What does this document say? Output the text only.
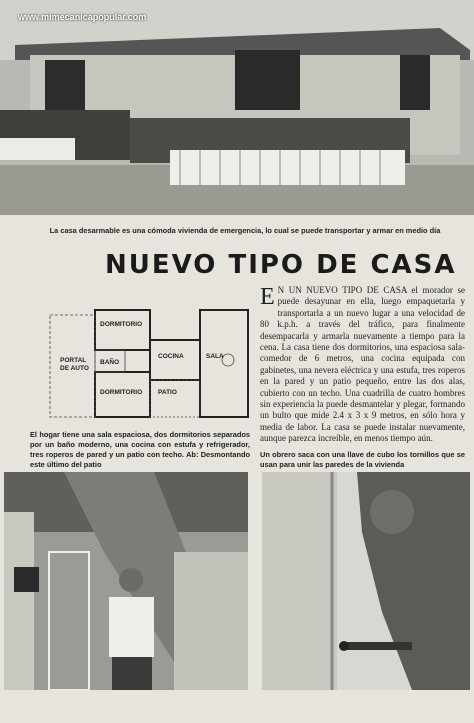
www.mimecanicapopular.com
La casa desarmable es una cómoda vivienda de emergencia, lo cual se puede transportar y armar en medio día
NUEVO TIPO DE CASA
DORMITORIO
COCINA	SALA
PORTAL
DE AUTO
BAÑO
DORMITORIO PATIO
El hogar tiene una sala espaciosa, dos dormitorios separados por un baño moderno, una cocina con estufa y refrigerador, tres roperos de pared y un patio con techo. Ab: Desmontando este último del patio
E N UN NUEVO TIPO DE CASA el morador se puede desayunar en ella, luego empaquetarla y transportarla a un nuevo lugar a una velocidad de 80 k.p.h. a través del tráfico, para finalmente desempacarla y armarla nuevamente a tiempo para la cena. La casa tiene dos dormitorios, una espaciosa sala-comedor de 6 metros, una cocina equipada con gabinetes, una nevera eléctrica y una estufa, tres roperos en la pared y un patio pequeño, entre las dos alas, cubierto con un techo. Una cuadrilla de cuatro hombres sin experiencia la puede desmantelar y plegar, formando un bulto que mide 2.4 x 3 x 9 metros, en sólo hora y media de labor. La casa se puede instalar nuevamente, aunque parezca increíble, en menos tiempo aún.
Un obrero saca con una llave de cubo los tornillos que se usan para unir las paredes de la vivienda
